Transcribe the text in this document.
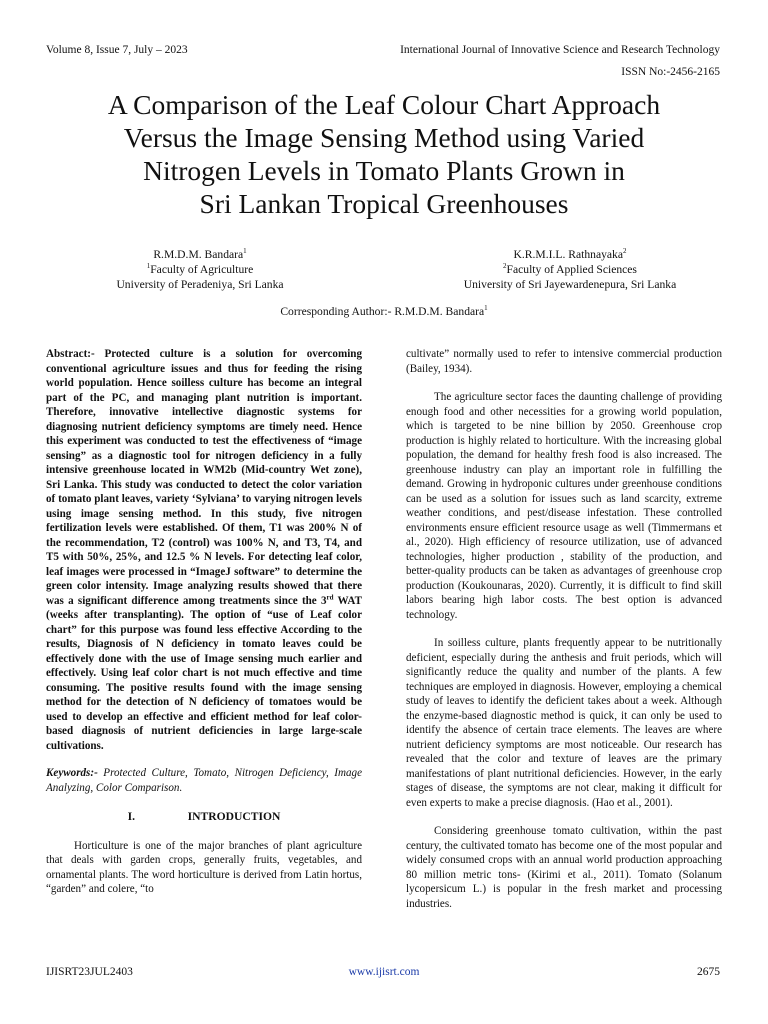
Volume 8, Issue 7, July – 2023	International Journal of Innovative Science and Research Technology
ISSN No:-2456-2165
A Comparison of the Leaf Colour Chart Approach
Versus the Image Sensing Method using Varied
Nitrogen Levels in Tomato Plants Grown in
Sri Lankan Tropical Greenhouses
R.M.D.M. Bandara$^1$
$^1$Faculty of Agriculture
University of Peradeniya, Sri Lanka
K.R.M.I.L. Rathnayaka$^2$
$^2$Faculty of Applied Sciences
University of Sri Jayewardenepura, Sri Lanka
Corresponding Author:- R.M.D.M. Bandara$^1$
Abstract:- Protected culture is a solution for overcoming conventional agriculture issues and thus for feeding the rising world population. Hence soilless culture has become an integral part of the PC, and managing plant nutrition is important. Therefore, innovative intellective diagnostic systems for diagnosing nutrient deficiency symptoms are timely need. Hence this experiment was conducted to test the effectiveness of “image sensing” as a diagnostic tool for nitrogen deficiency in a fully intensive greenhouse located in WM2b (Mid-country Wet zone), Sri Lanka. This study was conducted to detect the color variation of tomato plant leaves, variety ‘Sylviana’ to varying nitrogen levels using image sensing method. In this study, five nitrogen fertilization levels were established. Of them, T1 was 200% N of the recommendation, T2 (control) was 100% N, and T3, T4, and T5 with 50%, 25%, and 12.5 % N levels. For detecting leaf color, leaf images were processed in “ImageJ software” to determine the green color intensity. Image analyzing results showed that there was a significant difference among treatments since the 3rd WAT (weeks after transplanting). The option of “use of Leaf color chart” for this purpose was found less effective According to the results, Diagnosis of N deficiency in tomato leaves could be effectively done with the use of Image sensing much earlier and effectively. Using leaf color chart is not much effective and time consuming. The positive results found with the image sensing method for the detection of N deficiency of tomatoes would be used to develop an effective and efficient method for leaf color-based diagnosis of nutrient deficiencies in large large-scale cultivations.
Keywords:- Protected Culture, Tomato, Nitrogen Deficiency, Image Analyzing, Color Comparison.
I.	INTRODUCTION

Horticulture is one of the major branches of plant agriculture that deals with garden crops, generally fruits, vegetables, and ornamental plants. The word horticulture is derived from Latin hortus, “garden” and colere, “to

cultivate” normally used to refer to intensive commercial production (Bailey, 1934).

The agriculture sector faces the daunting challenge of providing enough food and other necessities for a growing world population, which is targeted to be nine billion by 2050. Greenhouse crop production is highly related to horticulture. With the increasing global population, the demand for healthy fresh food is also increased. The greenhouse industry can play an important role in fulfilling the demand. Growing in hydroponic cultures under greenhouse conditions can be used as a solution for issues such as land scarcity, extreme weather conditions, and pest/disease infestation. These controlled environments ensure efficient resource usage as well (Timmermans et al., 2020). High efficiency of resource utilization, use of advanced technologies, higher production , stability of the production, and better-quality products can be taken as advantages of greenhouse crop production (Koukounaras, 2020). Currently, it is difficult to find skill labors bearing high labor costs. The best option is advanced technology.

In soilless culture, plants frequently appear to be nutritionally deficient, especially during the anthesis and fruit periods, which will significantly reduce the quality and number of the plants. A few techniques are employed in diagnosis. However, employing a chemical study of leaves to identify the deficient takes about a week. Although the enzyme-based diagnostic method is quick, it can only be used to identify the absence of certain trace elements. The leaves are where nutrient deficiency symptoms are most noticeable. Our research has revealed that the color and texture of leaves are the primary manifestations of plant nutritional deficiencies. However, in the early stages of disease, the symptoms are not clear, making it difficult for even experts to make a precise diagnosis. (Hao et al., 2001).

Considering greenhouse tomato cultivation, within the past century, the cultivated tomato has become one of the most popular and widely consumed crops with an annual world production approaching 80 million metric tons- (Kirimi et al., 2011). Tomato (Solanum lycopersicum L.) is popular in the fresh market and processing industries.

IJISRT23JUL2403	www.ijisrt.com	2675
